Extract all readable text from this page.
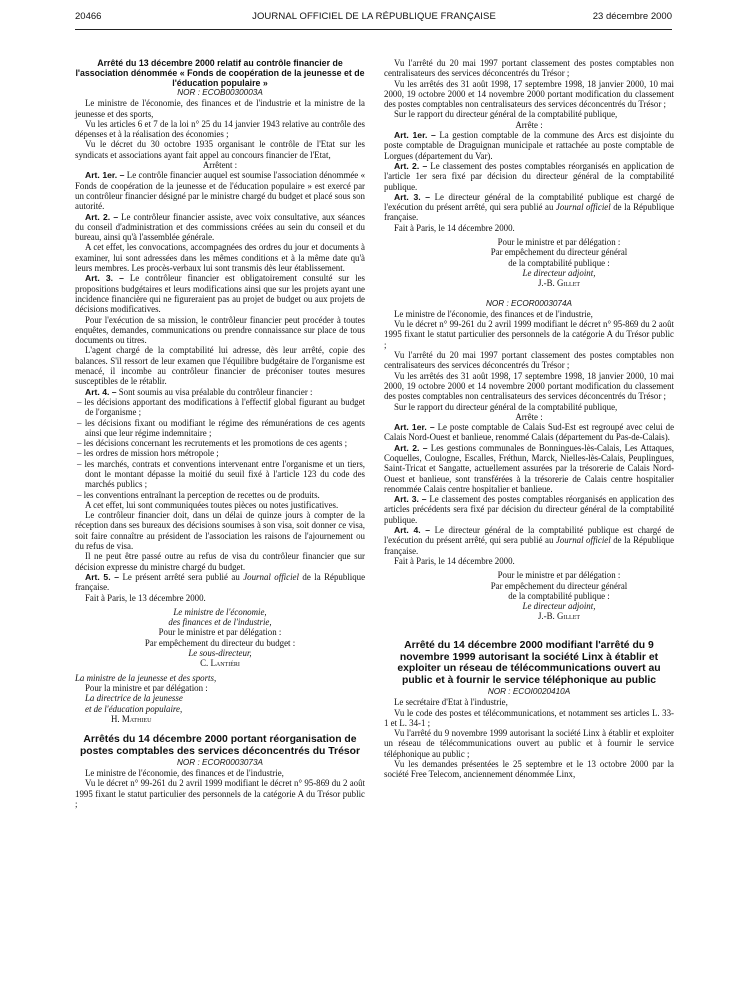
20466	JOURNAL OFFICIEL DE LA RÉPUBLIQUE FRANÇAISE	23 décembre 2000

Arrêté du 13 décembre 2000 relatif au contrôle financier de l'association dénommée « Fonds de coopération de la jeunesse et de l'éducation populaire »

NOR : ECOB0030003A

Le ministre de l'économie, des finances et de l'industrie et la ministre de la jeunesse et des sports,

Vu les articles 6 et 7 de la loi n° 25 du 14 janvier 1943 relative au contrôle des dépenses et à la réalisation des économies ;

Vu le décret du 30 octobre 1935 organisant le contrôle de l'Etat sur les syndicats et associations ayant fait appel au concours financier de l'Etat,

Arrêtent :

Art. 1er. – Le contrôle financier auquel est soumise l'association dénommée « Fonds de coopération de la jeunesse et de l'éducation populaire » est exercé par un contrôleur financier désigné par le ministre chargé du budget et placé sous son autorité.

Art. 2. – Le contrôleur financier assiste, avec voix consultative, aux séances du conseil d'administration et des commissions créées au sein du conseil et du bureau, ainsi qu'à l'assemblée générale.

A cet effet, les convocations, accompagnées des ordres du jour et documents à examiner, lui sont adressées dans les mêmes conditions et à la même date qu'à leurs membres. Les procès-verbaux lui sont transmis dès leur établissement.

Art. 3. – Le contrôleur financier est obligatoirement consulté sur les propositions budgétaires et leurs modifications ainsi que sur les projets ayant une incidence financière qui ne figureraient pas au projet de budget ou aux projets de décisions modificatives.

Pour l'exécution de sa mission, le contrôleur financier peut procéder à toutes enquêtes, demandes, communications ou prendre connaissance sur place de tous documents ou titres.

L'agent chargé de la comptabilité lui adresse, dès leur arrêté, copie des balances. S'il ressort de leur examen que l'équilibre budgétaire de l'organisme est menacé, il incombe au contrôleur financier de préconiser toutes mesures susceptibles de le rétablir.

Art. 4. – Sont soumis au visa préalable du contrôleur financier :

– les décisions apportant des modifications à l'effectif global figurant au budget de l'organisme ;

– les décisions fixant ou modifiant le régime des rémunérations de ces agents ainsi que leur régime indemnitaire ;

– les décisions concernant les recrutements et les promotions de ces agents ;

– les ordres de mission hors métropole ;

– les marchés, contrats et conventions intervenant entre l'organisme et un tiers, dont le montant dépasse la moitié du seuil fixé à l'article 123 du code des marchés publics ;

– les conventions entraînant la perception de recettes ou de produits.

A cet effet, lui sont communiquées toutes pièces ou notes justificatives.

Le contrôleur financier doit, dans un délai de quinze jours à compter de la réception dans ses bureaux des décisions soumises à son visa, soit donner ce visa, soit faire connaître au président de l'association les raisons de l'ajournement ou du refus de visa.

Il ne peut être passé outre au refus de visa du contrôleur financier que sur décision expresse du ministre chargé du budget.

Art. 5. – Le présent arrêté sera publié au Journal officiel de la République française.

Fait à Paris, le 13 décembre 2000.

Le ministre de l'économie,

des finances et de l'industrie,

Pour le ministre et par délégation :

Par empêchement du directeur du budget :

Le sous-directeur,

C. Lantiéri

La ministre de la jeunesse et des sports,

Pour la ministre et par délégation :

La directrice de la jeunesse

et de l'éducation populaire,

H. Mathieu

Arrêtés du 14 décembre 2000 portant réorganisation de postes comptables des services déconcentrés du Trésor

NOR : ECOR0003073A

Le ministre de l'économie, des finances et de l'industrie,

Vu le décret n° 99-261 du 2 avril 1999 modifiant le décret n° 95-869 du 2 août 1995 fixant le statut particulier des personnels de la catégorie A du Trésor public ;

Vu l'arrêté du 20 mai 1997 portant classement des postes comptables non centralisateurs des services déconcentrés du Trésor ;

Vu les arrêtés des 31 août 1998, 17 septembre 1998, 18 janvier 2000, 10 mai 2000, 19 octobre 2000 et 14 novembre 2000 portant modification du classement des postes comptables non centralisateurs des services déconcentrés du Trésor ;

Sur le rapport du directeur général de la comptabilité publique,

Arrête :

Art. 1er. – La gestion comptable de la commune des Arcs est disjointe du poste comptable de Draguignan municipale et rattachée au poste comptable de Lorgues (département du Var).

Art. 2. – Le classement des postes comptables réorganisés en application de l'article 1er sera fixé par décision du directeur général de la comptabilité publique.

Art. 3. – Le directeur général de la comptabilité publique est chargé de l'exécution du présent arrêté, qui sera publié au Journal officiel de la République française.

Fait à Paris, le 14 décembre 2000.

Pour le ministre et par délégation :

Par empêchement du directeur général

de la comptabilité publique :

Le directeur adjoint,

J.-B. Gillet

NOR : ECOR0003074A

Le ministre de l'économie, des finances et de l'industrie,

Vu le décret n° 99-261 du 2 avril 1999 modifiant le décret n° 95-869 du 2 août 1995 fixant le statut particulier des personnels de la catégorie A du Trésor public ;

Vu l'arrêté du 20 mai 1997 portant classement des postes comptables non centralisateurs des services déconcentrés du Trésor ;

Vu les arrêtés des 31 août 1998, 17 septembre 1998, 18 janvier 2000, 10 mai 2000, 19 octobre 2000 et 14 novembre 2000 portant modification du classement des postes comptables non centralisateurs des services déconcentrés du Trésor ;

Sur le rapport du directeur général de la comptabilité publique,

Arrête :

Art. 1er. – Le poste comptable de Calais Sud-Est est regroupé avec celui de Calais Nord-Ouest et banlieue, renommé Calais (département du Pas-de-Calais).

Art. 2. – Les gestions communales de Bonningues-lès-Calais, Les Attaques, Coquelles, Coulogne, Escalles, Fréthun, Marck, Nielles-lès-Calais, Peuplingues, Saint-Tricat et Sangatte, actuellement assurées par la trésorerie de Calais Nord-Ouest et banlieue, sont transférées à la trésorerie de Calais centre hospitalier renommée Calais centre hospitalier et banlieue.

Art. 3. – Le classement des postes comptables réorganisés en application des articles précédents sera fixé par décision du directeur général de la comptabilité publique.

Art. 4. – Le directeur général de la comptabilité publique est chargé de l'exécution du présent arrêté, qui sera publié au Journal officiel de la République française.

Fait à Paris, le 14 décembre 2000.

Pour le ministre et par délégation :

Par empêchement du directeur général

de la comptabilité publique :

Le directeur adjoint,

J.-B. Gillet

Arrêté du 14 décembre 2000 modifiant l'arrêté du 9 novembre 1999 autorisant la société Linx à établir et exploiter un réseau de télécommunications ouvert au public et à fournir le service téléphonique au public

NOR : ECOI0020410A

Le secrétaire d'Etat à l'industrie,

Vu le code des postes et télécommunications, et notamment ses articles L. 33-1 et L. 34-1 ;

Vu l'arrêté du 9 novembre 1999 autorisant la société Linx à établir et exploiter un réseau de télécommunications ouvert au public et à fournir le service téléphonique au public ;

Vu les demandes présentées le 25 septembre et le 13 octobre 2000 par la société Free Telecom, anciennement dénommée Linx,
